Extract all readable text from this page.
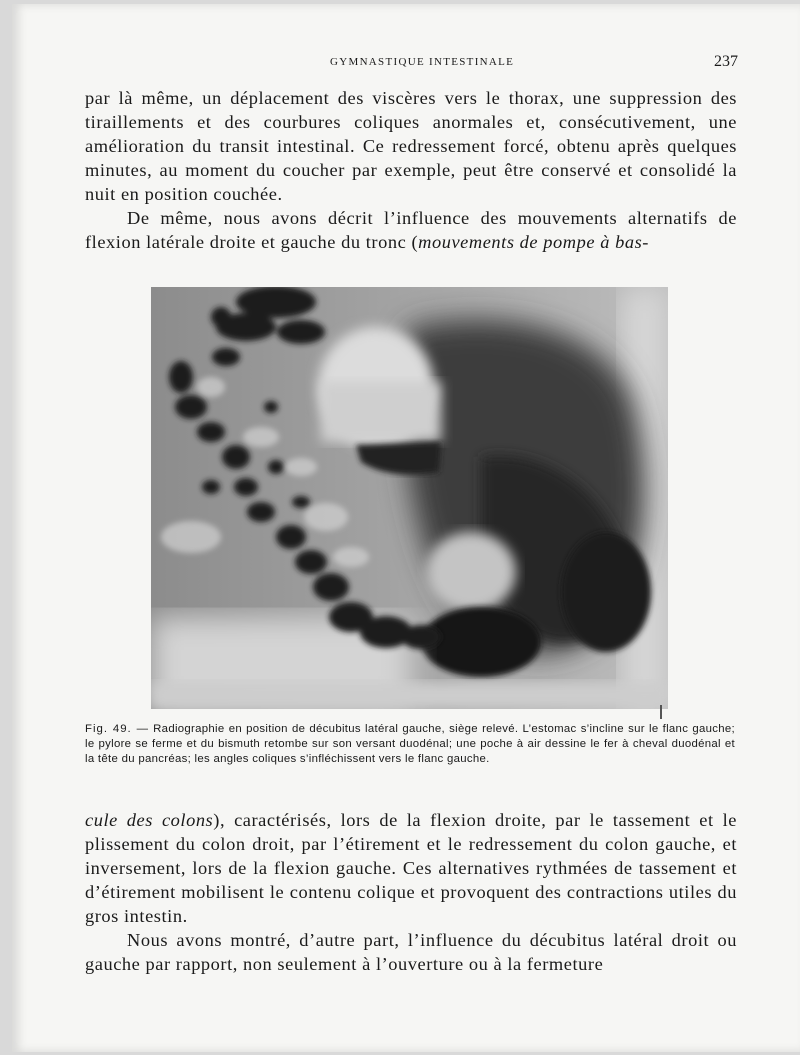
GYMNASTIQUE INTESTINALE	237

par là même, un déplacement des viscères vers le thorax, une suppression des tiraillements et des courbures coliques anormales et, consécutivement, une amélioration du transit intestinal. Ce redressement forcé, obtenu après quelques minutes, au moment du coucher par exemple, peut être conservé et consolidé la nuit en position couchée.

De même, nous avons décrit l’influence des mouvements alternatifs de flexion latérale droite et gauche du tronc (mouvements de pompe à bas-

Fig. 49. — Radiographie en position de décubitus latéral gauche, siège relevé. L’estomac s’incline sur le flanc gauche; le pylore se ferme et du bismuth retombe sur son versant duodénal; une poche à air dessine le fer à cheval duodénal et la tête du pancréas; les angles coliques s’infléchissent vers le flanc gauche.

cule des colons), caractérisés, lors de la flexion droite, par le tassement et le plissement du colon droit, par l’étirement et le redressement du colon gauche, et inversement, lors de la flexion gauche. Ces alternatives rythmées de tassement et d’étirement mobilisent le contenu colique et provoquent des contractions utiles du gros intestin.

Nous avons montré, d’autre part, l’influence du décubitus latéral droit ou gauche par rapport, non seulement à l’ouverture ou à la fermeture
